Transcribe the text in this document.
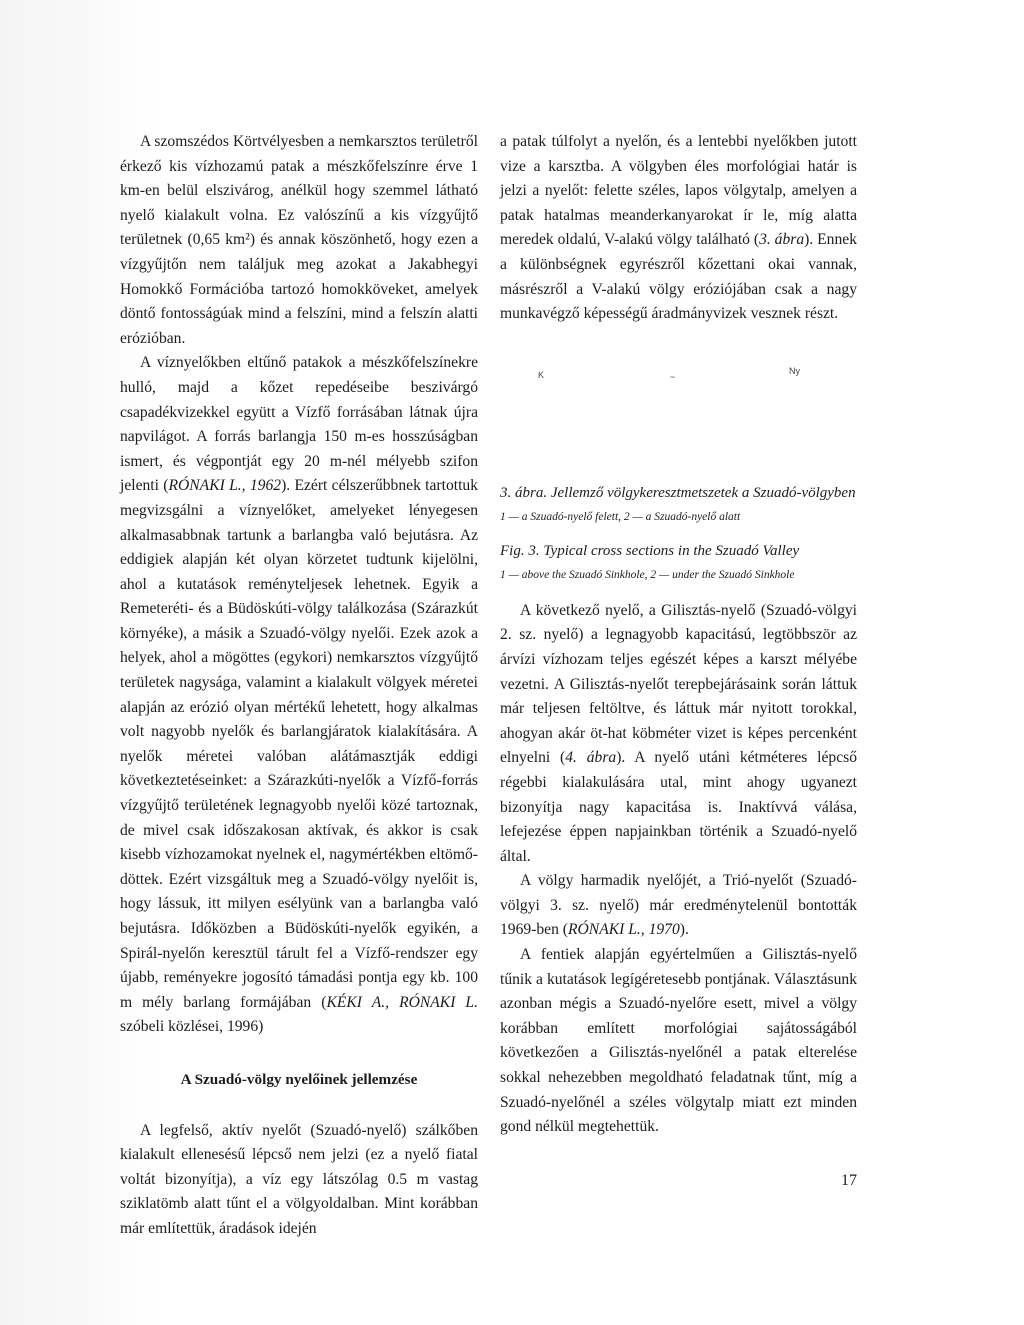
A szomszédos Körtvélyesben a nemkarsztos területről érkező kis vízhozamú patak a mészkőfelszínre érve 1 km-en belül elszivárog, anélkül hogy szemmel látható nyelő kialakult volna. Ez valószínű a kis vízgyűjtő területnek (0,65 km²) és annak köszönhető, hogy ezen a vízgyűjtőn nem találjuk meg azokat a Jakabhegyi Homokkő Formációba tartozó homokköveket, amelyek döntő fontosságúak mind a felszíni, mind a felszín alatti erózióban.

A víznyelőkben eltűnő patakok a mészkőfelszínekre hulló, majd a kőzet repedéseibe beszivárgó csapadékvizekkel együtt a Vízfő forrásában látnak újra napvilágot. A forrás barlangja 150 m-es hosszúságban ismert, és végpontját egy 20 m-nél mélyebb szifon jelenti (RÓNAKI L., 1962). Ezért célszerűbbnek tartottuk megvizsgálni a víznyelőket, amelyeket lényegesen alkalmasabbnak tartunk a barlangba való bejutásra. Az eddigiek alapján két olyan körzetet tudtunk kijelölni, ahol a kutatások reményteljesek lehetnek. Egyik a Remeteréti- és a Büdöskúti-völgy találkozása (Szárazkút környéke), a másik a Szuadó-völgy nyelői. Ezek azok a helyek, ahol a mögöttes (egykori) nemkarsztos vízgyűjtő területek nagysága, valamint a kialakult völgyek méretei alapján az erózió olyan mértékű lehetett, hogy alkalmas volt nagyobb nyelők és barlangjáratok kialakítására. A nyelők méretei valóban alátámasztják eddigi következtetéseinket: a Szárazkúti-nyelők a Vízfő-forrás vízgyűjtő területének legnagyobb nyelői közé tartoznak, de mivel csak időszakosan aktívak, és akkor is csak kisebb vízhozamokat nyelnek el, nagymértékben eltömődöttek. Ezért vizsgáltuk meg a Szuadó-völgy nyelőit is, hogy lássuk, itt milyen esélyünk van a barlangba való bejutásra. Időközben a Büdöskúti-nyelők egyikén, a Spirál-nyelőn keresztül tárult fel a Vízfő-rendszer egy újabb, reményekre jogosító támadási pontja egy kb. 100 m mély barlang formájában (KÉKI A., RÓNAKI L. szóbeli közlései, 1996)

A Szuadó-völgy nyelőinek jellemzése

A legfelső, aktív nyelőt (Szuadó-nyelő) szálkőben kialakult ellenesésű lépcső nem jelzi (ez a nyelő fiatal voltát bizonyítja), a víz egy látszólag 0.5 m vastag sziklatömb alatt tűnt el a völgyoldalban. Mint korábban már említettük, áradások idején

a patak túlfolyt a nyelőn, és a lentebbi nyelőkben jutott vize a karsztba. A völgyben éles morfológiai határ is jelzi a nyelőt: felette széles, lapos völgytalp, amelyen a patak hatalmas meanderkanyarokat ír le, míg alatta meredek oldalú, V-alakú völgy található (3. ábra). Ennek a különbségnek egyrészről kőzettani okai vannak, másrészről a V-alakú völgy eróziójában csak a nagy munkavégző képességű áradmányvizek vesznek részt.

K	~
Ny

3. ábra. Jellemző völgykeresztmetszetek a Szuadó-völgyben

1 — a Szuadó-nyelő felett, 2 — a Szuadó-nyelő alatt

Fig. 3. Typical cross sections in the Szuadó Valley

1 — above the Szuadó Sinkhole, 2 — under the Szuadó Sinkhole

A következő nyelő, a Gilisztás-nyelő (Szuadó-völgyi 2. sz. nyelő) a legnagyobb kapacitású, legtöbbször az árvízi vízhozam teljes egészét képes a karszt mélyébe vezetni. A Gilisztás-nyelőt terepbejárásaink során láttuk már teljesen feltöltve, és láttuk már nyitott torokkal, ahogyan akár öt-hat köbméter vizet is képes percenként elnyelni (4. ábra). A nyelő utáni kétméteres lépcső régebbi kialakulására utal, mint ahogy ugyanezt bizonyítja nagy kapacitása is. Inaktívvá válása, lefejezése éppen napjainkban történik a Szuadó-nyelő által.

A völgy harmadik nyelőjét, a Trió-nyelőt (Szuadó-völgyi 3. sz. nyelő) már eredménytelenül bontották 1969-ben (RÓNAKI L., 1970).

A fentiek alapján egyértelműen a Gilisztás-nyelő tűnik a kutatások legígéretesebb pontjának. Választásunk azonban mégis a Szuadó-nyelőre esett, mivel a völgy korábban említett morfológiai sajátosságából következően a Gilisztás-nyelőnél a patak elterelése sokkal nehezebben megoldható feladatnak tűnt, míg a Szuadó-nyelőnél a széles völgytalp miatt ezt minden gond nélkül megtehettük.

17
